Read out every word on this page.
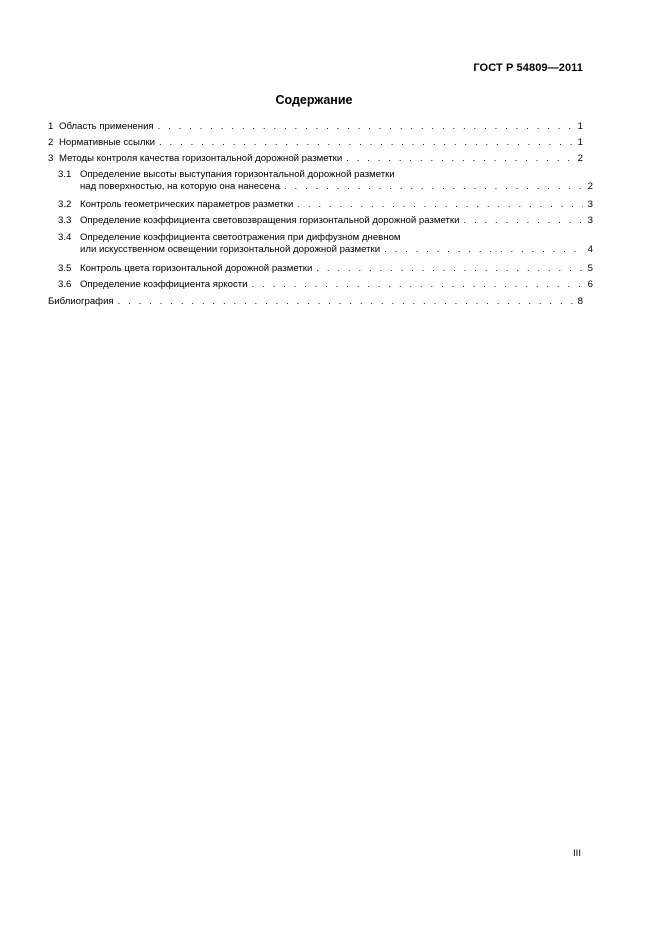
ГОСТ Р 54809—2011
Содержание
1 Область применения . . .	1
2 Нормативные ссылки . . .	1
3 Методы контроля качества горизонтальной дорожной разметки . . .	2
3.1 Определение высоты выступания горизонтальной дорожной разметки
над поверхностью, на которую она нанесена . . .	2
3.2 Контроль геометрических параметров разметки . . .	3
3.3 Определение коэффициента световозвращения горизонтальной дорожной разметки . . .	3
3.4 Определение коэффициента светоотражения при диффузном дневном
или искусственном освещении горизонтальной дорожной разметки . . .	4
3.5 Контроль цвета горизонтальной дорожной разметки . . .	5
3.6 Определение коэффициента яркости . . .	6
Библиография . . .	8
III
